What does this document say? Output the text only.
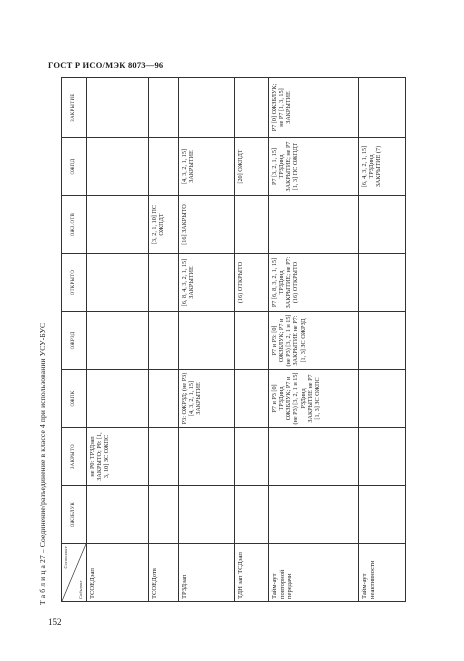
ГОСТ Р ИСО/МЭК 8073—96
Т а б л и ц а 27 – Соединение/разъединение в классе 4 при использовании УСУ-БУС	Состояние
Событие	ОЖЗБЛУК	ЗАКРЫТО	ОЖПК	ОЖРЗД	ОТКРЫТО	ОЖЗ.ОТВ	ОЖПД	ЗАКРЫТИЕ
ТСОЕДзап		не Р0: ТРЗДзап ЗАКРЫТО; Р0: [1, 3, 10] ЗС ОЖПС						
ТСОЕДотв						[3, 2, 1, 10] ПС ОЖПДТ		
ТРЗДзап			Р3: ОЖРЗД; (не Р3) [4, 3, 2, 1, 15] ЗАКРЫТИЕ		[6, 8, 4, 3, 2, 1, 15] ЗАКРЫТИЕ	[16] ЗАКРЫТО	[4, 3, 2, 1, 15] ЗАКРЫТИЕ	
ТДН зап ТСДзап					(16) ОТКРЫТО		[20] ОЖПДТ	
Тайм-аут повторной передачи			Р7 и Р3 [0] ТРЗДинд ОЖЗБЛУК; Р7 и (не Р3) [3, 2, 1 и 15] РЗДинд ЗАКРЫТИЕ не Р7 [1, 3] ЗС ОЖПС	Р7 и Р3: [0] ОЖЗБЛУК; Р7 и (не Р3) [3, 2, 1 и 15] ЗАКРЫТИЕ не Р7: [1, 3] ЗС ОЖРЗД	Р7 [6, 8, 3, 2, 1, 15] ТРЗДинд ЗАКРЫТИЕ; не Р7: (16) ОТКРЫТО		Р7 [3, 2, 1, 15] ТРЗДинд ЗАКРЫТИЕ; не Р7 [1, 3] ПС ОЖПДТ	Р7 [0] ОЖЗБЛУК; не Р7 [1, 3, 15] ЗАКРЫТИЕ
Тайм-аут неактивности							[6, 4, 3, 2, 1, 15] ТРЗДинд ЗАКРЫТИЕ (7)	
152
